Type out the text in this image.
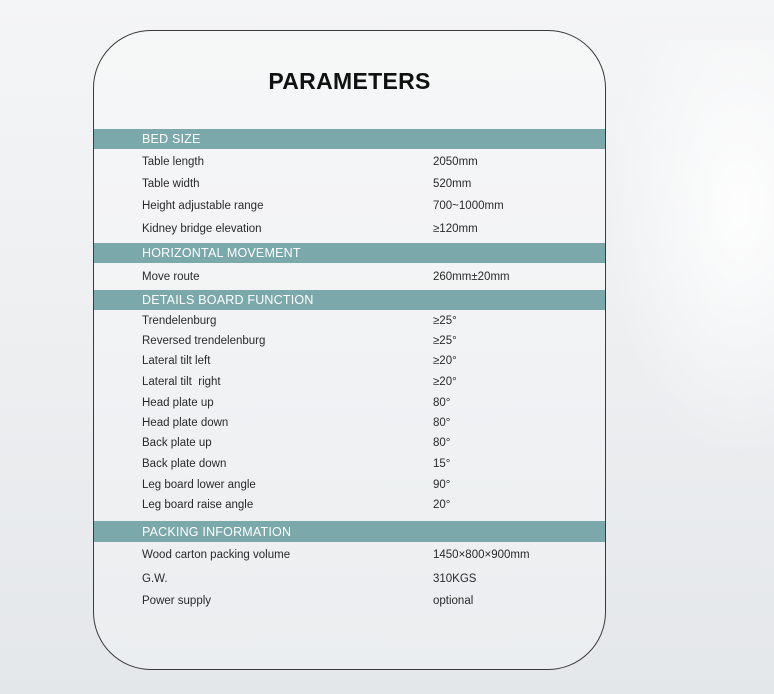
PARAMETERS
BED SIZE
Table length	2050mm
Table width	520mm
Height adjustable range	700~1000mm
Kidney bridge elevation	≥120mm
HORIZONTAL MOVEMENT
Move route	260mm±20mm
DETAILS BOARD FUNCTION
Trendelenburg	≥25°
Reversed trendelenburg	≥25°
Lateral tilt left	≥20°
Lateral tilt  right	≥20°
Head plate up	80°
Head plate down	80°
Back plate up	80°
Back plate down	15°
Leg board lower angle	90°
Leg board raise angle	20°
PACKING INFORMATION
Wood carton packing volume	1450×800×900mm
G.W.	310KGS
Power supply	optional
